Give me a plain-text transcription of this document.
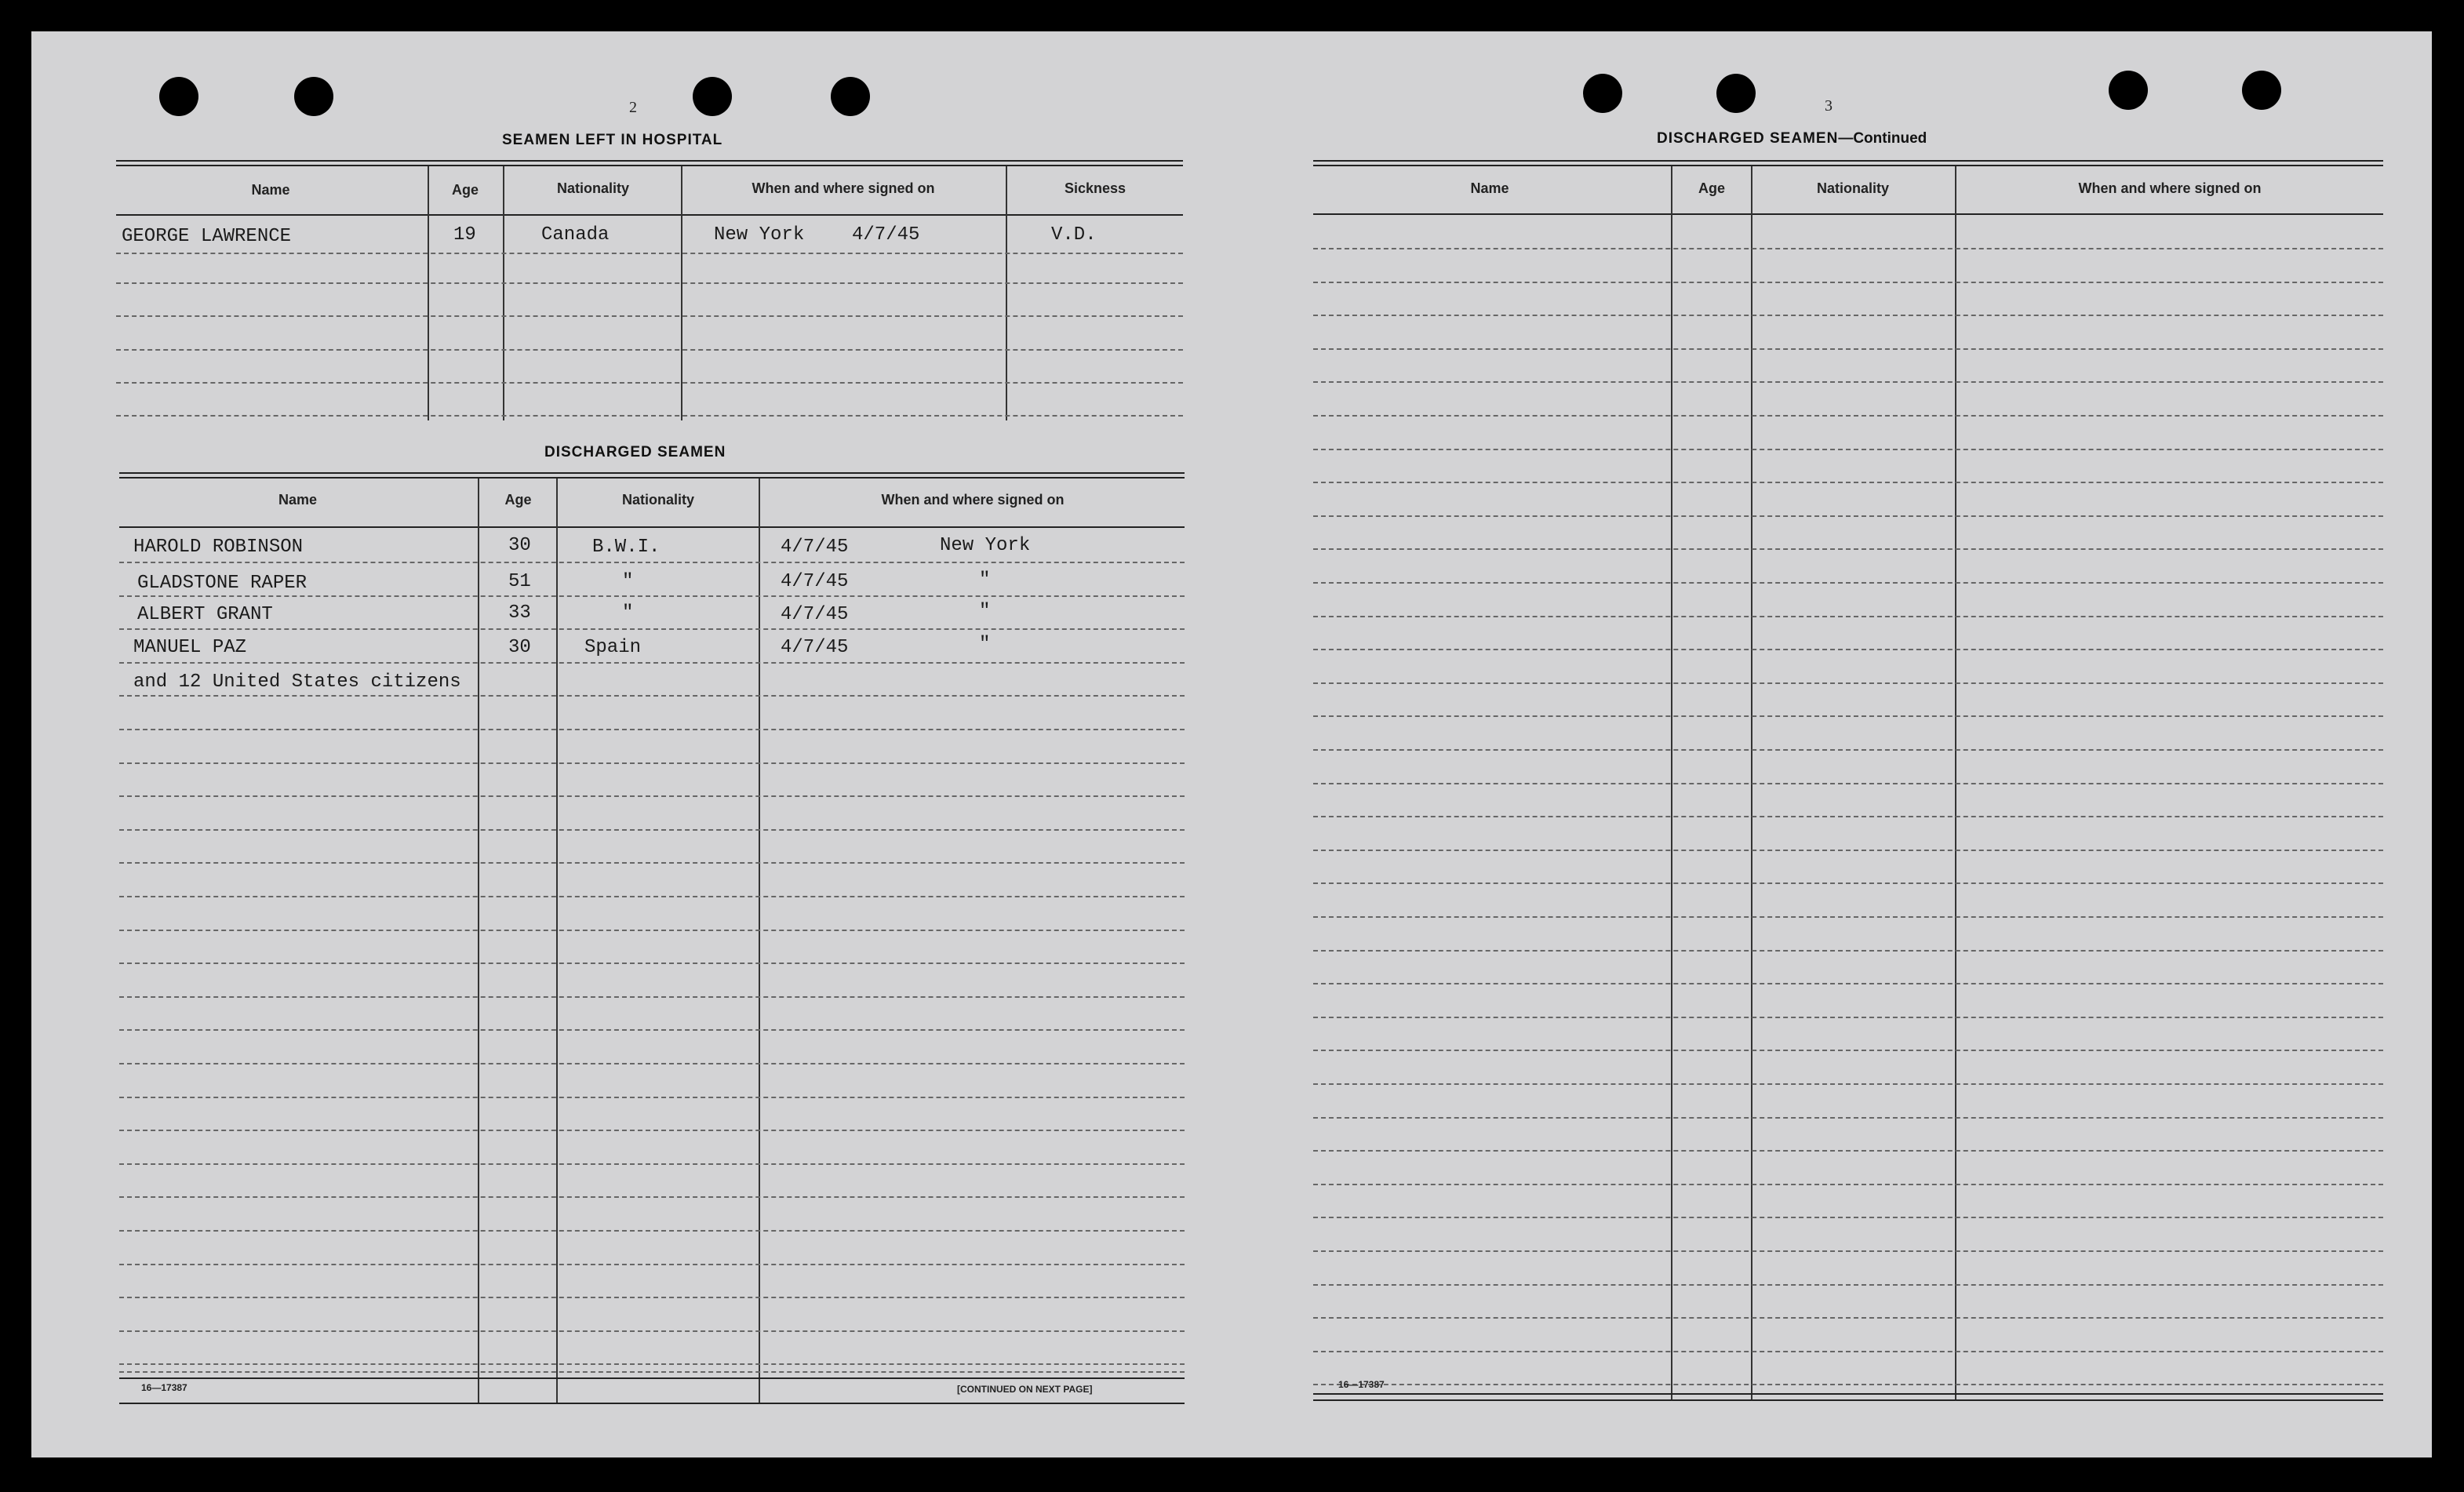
2
SEAMEN LEFT IN HOSPITAL
Name	Age	Nationality	When and where signed on	Sickness
GEORGE LAWRENCE	19	Canada	New York	4/7/45	V.D.
DISCHARGED SEAMEN
Name	Age	Nationality	When and where signed on
HAROLD ROBINSON	30	B.W.I.	4/7/45	New York
GLADSTONE RAPER	51	"	4/7/45	"
ALBERT GRANT	33	"	4/7/45	"
MANUEL PAZ	30	Spain	4/7/45	"
and 12 United States citizens
16—17387	[CONTINUED ON NEXT PAGE]
3
DISCHARGED SEAMEN—Continued
Name	Age	Nationality	When and where signed on
16—17387
